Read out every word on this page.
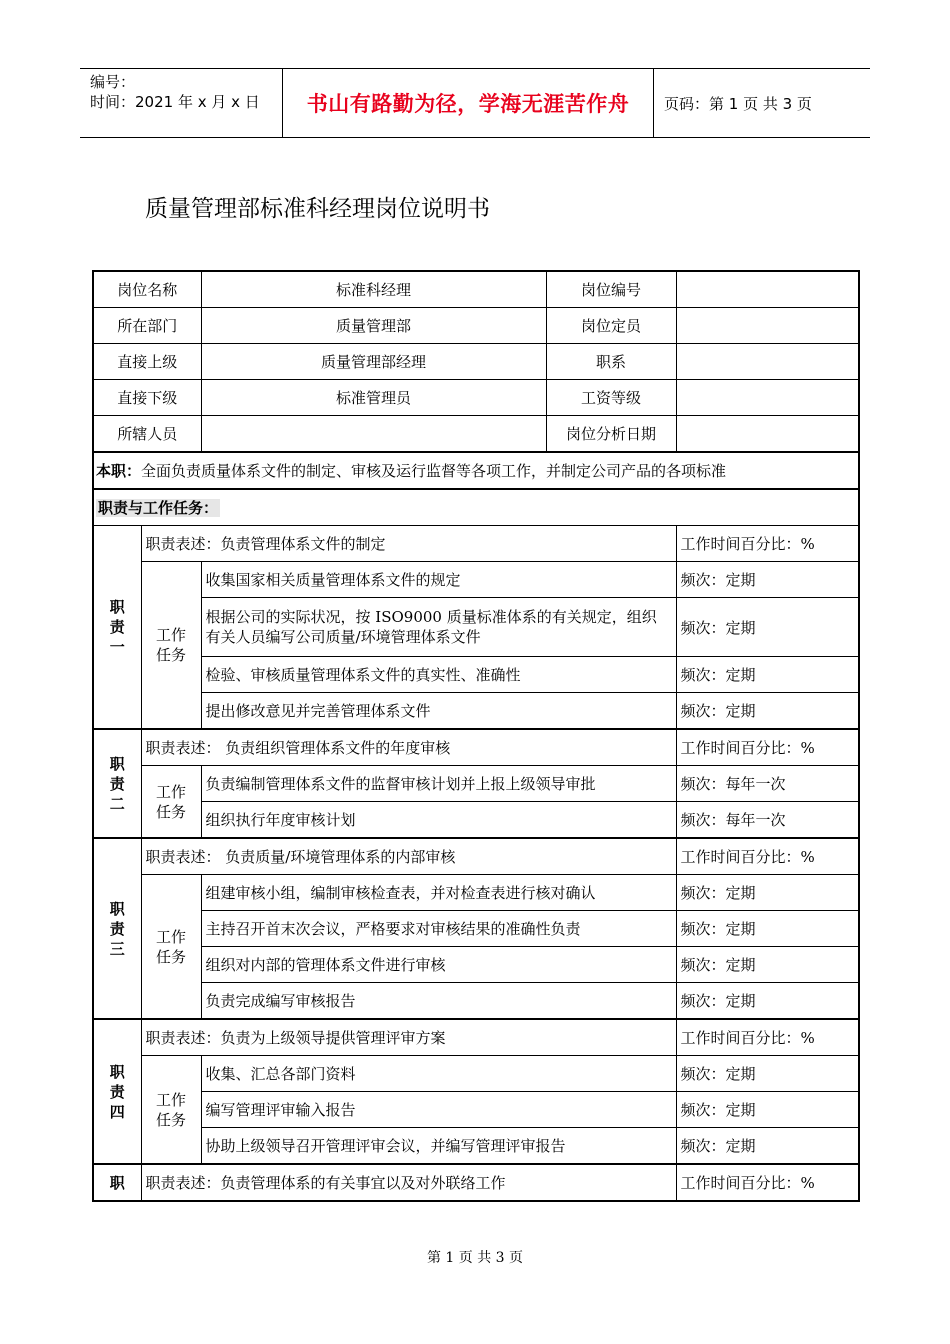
编号：
时间：2021 年 x 月 x 日 书山有路勤为径，学海无涯苦作舟	页码：第 1 页 共 3 页
质量管理部标准科经理岗位说明书
岗位名称		标准科经理	岗位编号	
所在部门		质量管理部	岗位定员	
直接上级		质量管理部经理	职系	
直接下级		标准管理员	工资等级	
所辖人员			岗位分析日期	
本职：全面负责质量体系文件的制定、审核及运行监督等各项工作，并制定公司产品的各项标准				
职责与工作任务：				
职责一	职责表述：负责管理体系文件的制定			工作时间百分比：%
	工作任务	收集国家相关质量管理体系文件的规定		频次：定期
		根据公司的实际状况，按 ISO9000 质量标准体系的有关规定，组织有关人员编写公司质量/环境管理体系文件		频次：定期
		检验、审核质量管理体系文件的真实性、准确性		频次：定期
		提出修改意见并完善管理体系文件		频次：定期
职责二	职责表述： 负责组织管理体系文件的年度审核			工作时间百分比：%
	工作任务	负责编制管理体系文件的监督审核计划并上报上级领导审批		频次：每年一次
		组织执行年度审核计划		频次：每年一次
职责三	职责表述： 负责质量/环境管理体系的内部审核			工作时间百分比：%
	工作任务	组建审核小组，编制审核检查表，并对检查表进行核对确认		频次：定期
		主持召开首末次会议，严格要求对审核结果的准确性负责		频次：定期
		组织对内部的管理体系文件进行审核		频次：定期
		负责完成编写审核报告		频次：定期
职责四	职责表述：负责为上级领导提供管理评审方案			工作时间百分比：%
	工作任务	收集、汇总各部门资料		频次：定期
		编写管理评审输入报告		频次：定期
		协助上级领导召开管理评审会议，并编写管理评审报告		频次：定期
职	职责表述：负责管理体系的有关事宜以及对外联络工作			工作时间百分比：%
第 1 页 共 3 页
